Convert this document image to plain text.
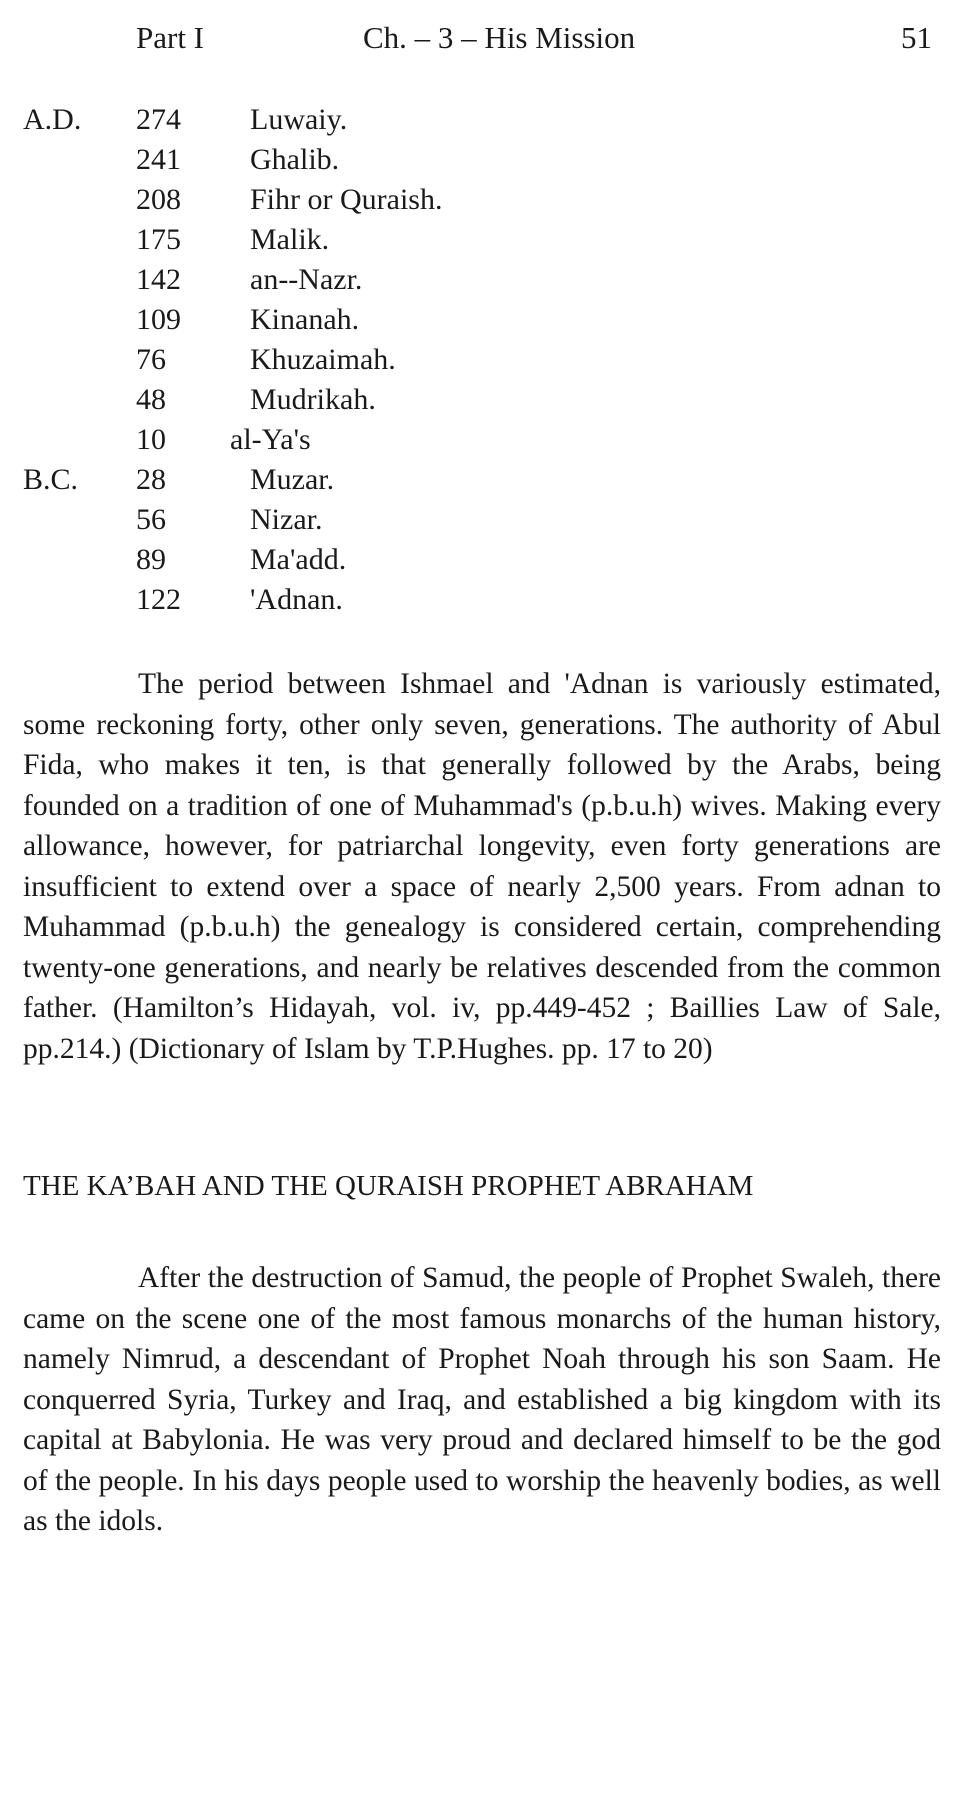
Part I	Ch. – 3 – His Mission	51
A.D. 274	Luwaiy.
241	Ghalib.
208	Fihr or Quraish.
175	Malik.
142	an--Nazr.
109	Kinanah.
76	Khuzaimah.
48	Mudrikah.
10	al-Ya's
B.C. 28	Muzar.
56	Nizar.
89	Ma'add.
122	'Adnan.

The period between Ishmael and 'Adnan is variously estimated, some reckoning forty, other only seven, generations. The authority of Abul Fida, who makes it ten, is that generally followed by the Arabs, being founded on a tradition of one of Muhammad's (p.b.u.h) wives. Making every allowance, however, for patriarchal longevity, even forty generations are insufficient to extend over a space of nearly 2,500 years. From adnan to Muhammad (p.b.u.h) the genealogy is considered certain, comprehending twenty-one generations, and nearly be relatives descended from the common father. (Hamilton’s Hidayah, vol. iv, pp.449-452 ; Baillies Law of Sale, pp.214.) (Dictionary of Islam by T.P.Hughes. pp. 17 to 20)

THE KA’BAH AND THE QURAISH PROPHET ABRAHAM

After the destruction of Samud, the people of Prophet Swaleh, there came on the scene one of the most famous monarchs of the human history, namely Nimrud, a descendant of Prophet Noah through his son Saam. He conquerred Syria, Turkey and Iraq, and established a big kingdom with its capital at Babylonia. He was very proud and declared himself to be the god of the people. In his days people used to worship the heavenly bodies, as well as the idols.
